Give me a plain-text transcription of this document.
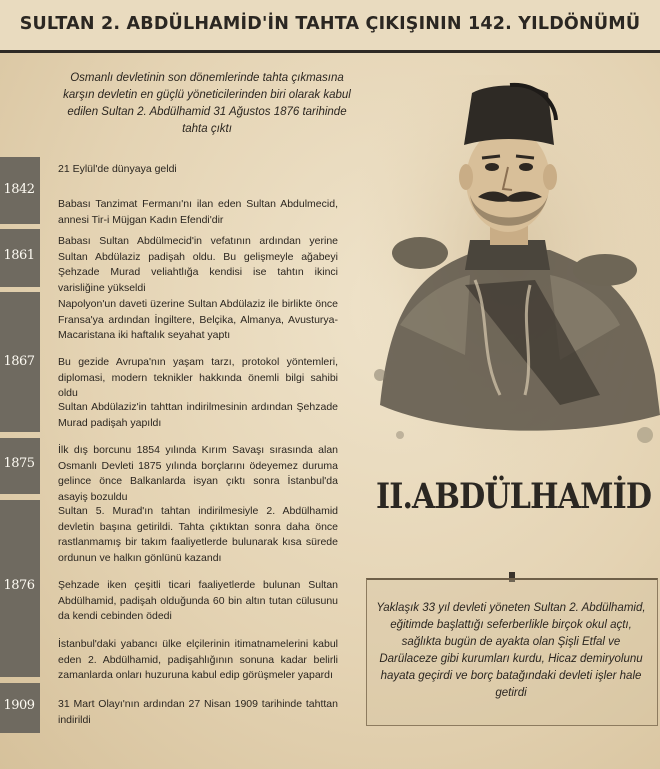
SULTAN 2. ABDÜLHAMİD'İN TAHTA ÇIKIŞININ 142. YILDÖNÜMÜ
Osmanlı devletinin son dönemlerinde tahta çıkmasına karşın devletin en güçlü yöneticilerinden biri olarak kabul edilen Sultan 2. Abdülhamid 31 Ağustos 1876 tarihinde tahta çıktı
1842
1861
1867
1875
1876
1909
21 Eylül'de dünyaya geldi
Babası Tanzimat Fermanı'nı ilan eden Sultan Abdulmecid, annesi Tir-i Müjgan Kadın Efendi'dir
Babası Sultan Abdülmecid'in vefatının ardından yerine Sultan Abdülaziz padişah oldu. Bu gelişmeyle ağabeyi Şehzade Murad veliahtlığa kendisi ise tahtın ikinci varisliğine yükseldi
Napolyon'un daveti üzerine Sultan Abdülaziz ile birlikte önce Fransa'ya ardından İngiltere, Belçika, Almanya, Avusturya-Macaristana iki haftalık seyahat yaptı
Bu gezide Avrupa'nın yaşam tarzı, protokol yöntemleri, diplomasi, modern teknikler hakkında önemli bilgi sahibi oldu
Sultan Abdülaziz'in tahttan indirilmesinin ardından Şehzade Murad padişah yapıldı
İlk dış borcunu 1854 yılında Kırım Savaşı sırasında alan Osmanlı Devleti 1875 yılında borçlarını ödeyemez duruma gelince önce Balkanlarda isyan çıktı sonra İstanbul'da asayiş bozuldu
Sultan 5. Murad'ın tahtan indirilmesiyle 2. Abdülhamid devletin başına getirildi. Tahta çıktıktan sonra daha önce rastlanmamış bir takım faaliyetlerde bulunarak kısa sürede ordunun ve halkın gönlünü kazandı
Şehzade iken çeşitli ticari faaliyetlerde bulunan Sultan Abdülhamid, padişah olduğunda 60 bin altın tutan cülusunu da kendi cebinden ödedi
İstanbul'daki yabancı ülke elçilerinin itimatnamelerini kabul eden 2. Abdülhamid, padişahlığının sonuna kadar belirli zamanlarda onları huzuruna kabul edip görüşmeler yapardı
31 Mart Olayı'nın ardından 27 Nisan 1909 tarihinde tahttan indirildi
II.ABDÜLHAMİD
Yaklaşık 33 yıl devleti yöneten Sultan 2. Abdülhamid, eğitimde başlattığı seferberlikle birçok okul açtı, sağlıkta bugün de ayakta olan Şişli Etfal ve Darülaceze gibi kurumları kurdu, Hicaz demiryolunu hayata geçirdi ve borç batağındaki devleti işler hale getirdi
